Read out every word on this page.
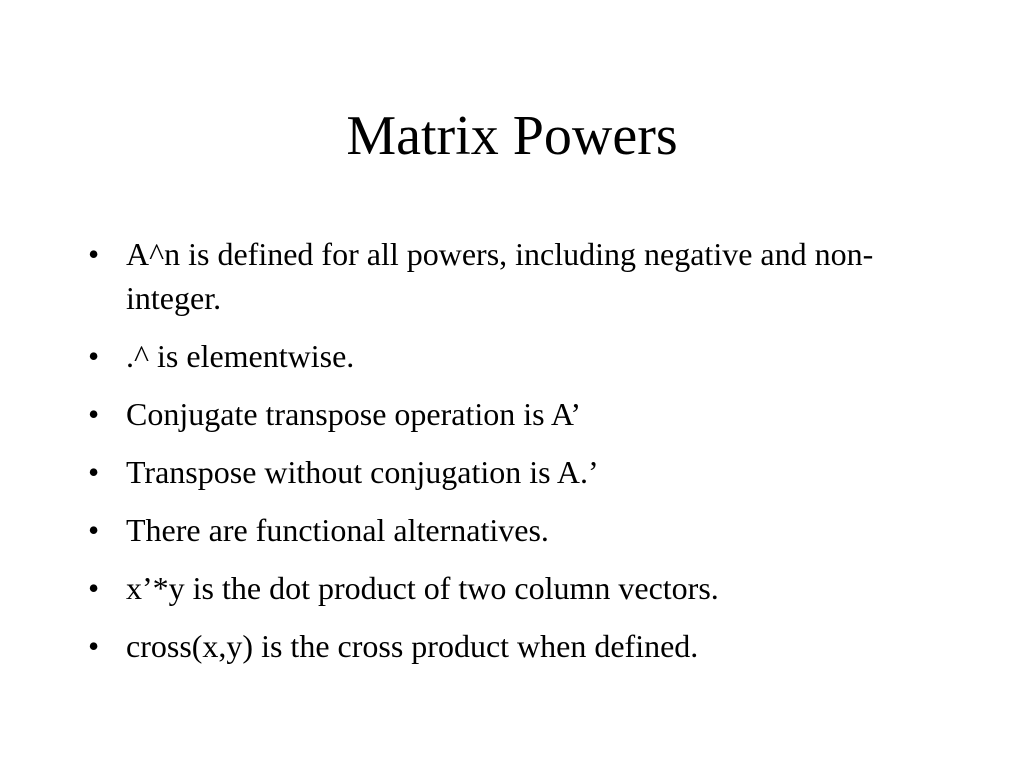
Matrix Powers
• A^n is defined for all powers, including negative and non-integer.
• .^ is elementwise.
• Conjugate transpose operation is A’
• Transpose without conjugation is A.’
• There are functional alternatives.
• x’*y is the dot product of two column vectors.
• cross(x,y) is the cross product when defined.
